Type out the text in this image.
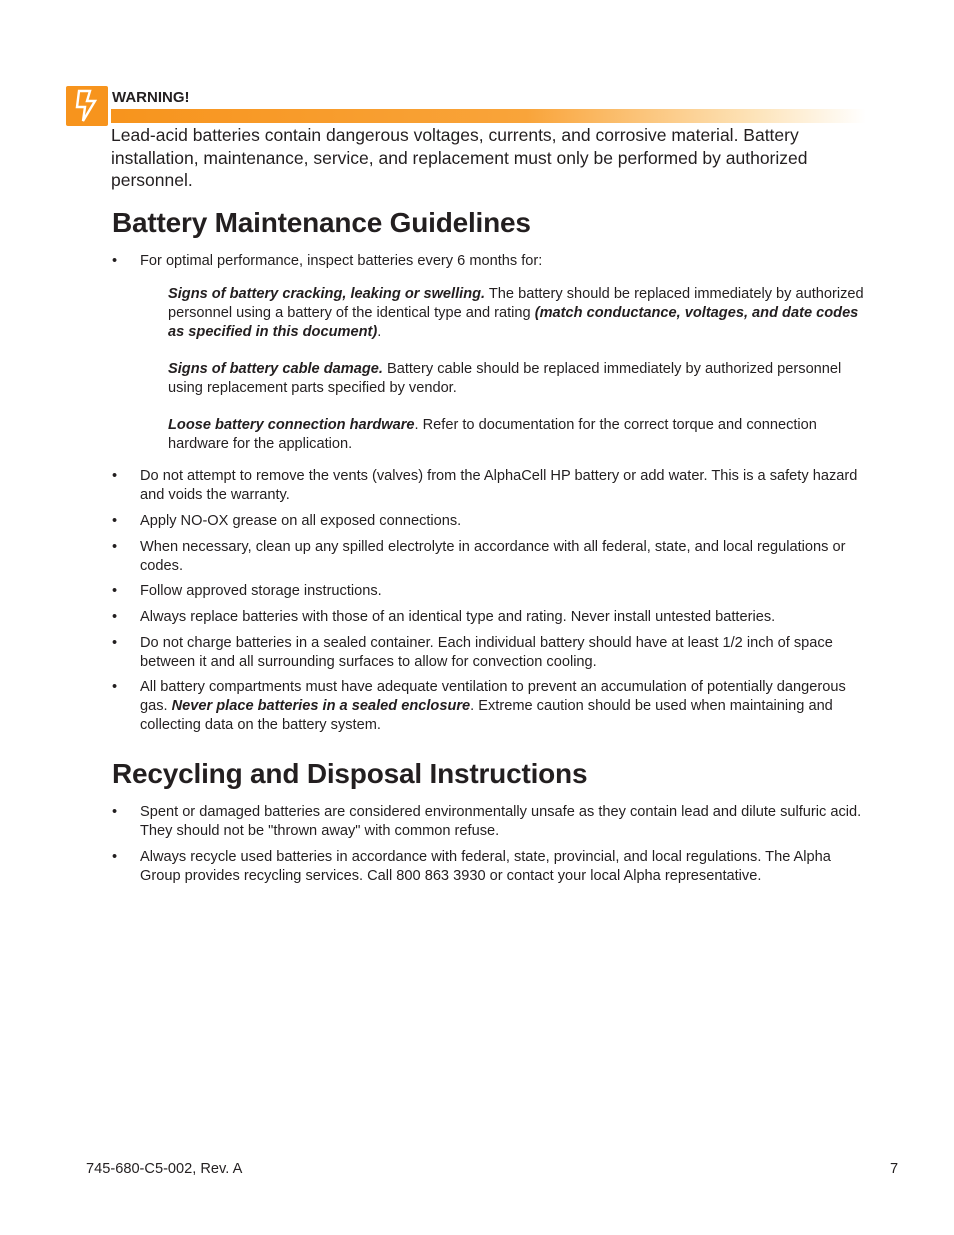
WARNING!
Lead-acid batteries contain dangerous voltages, currents, and corrosive material. Battery installation, maintenance, service, and replacement must only be performed by authorized personnel.
Battery Maintenance Guidelines
• For optimal performance, inspect batteries every 6 months for:
Signs of battery cracking, leaking or swelling. The battery should be replaced immediately by authorized personnel using a battery of the identical type and rating (match conductance, voltages, and date codes as specified in this document).
Signs of battery cable damage. Battery cable should be replaced immediately by authorized personnel using replacement parts specified by vendor.
Loose battery connection hardware. Refer to documentation for the correct torque and connection hardware for the application.
• Do not attempt to remove the vents (valves) from the AlphaCell HP battery or add water. This is a safety hazard and voids the warranty.
• Apply NO-OX grease on all exposed connections.
• When necessary, clean up any spilled electrolyte in accordance with all federal, state, and local regulations or codes.
• Follow approved storage instructions.
• Always replace batteries with those of an identical type and rating. Never install untested batteries.
• Do not charge batteries in a sealed container. Each individual battery should have at least 1/2 inch of space between it and all surrounding surfaces to allow for convection cooling.
• All battery compartments must have adequate ventilation to prevent an accumulation of potentially dangerous gas. Never place batteries in a sealed enclosure. Extreme caution should be used when maintaining and collecting data on the battery system.
Recycling and Disposal Instructions
• Spent or damaged batteries are considered environmentally unsafe as they contain lead and dilute sulfuric acid. They should not be "thrown away" with common refuse.
• Always recycle used batteries in accordance with federal, state, provincial, and local regulations. The Alpha Group provides recycling services. Call 800 863 3930 or contact your local Alpha representative.
745-680-C5-002, Rev. A	7
